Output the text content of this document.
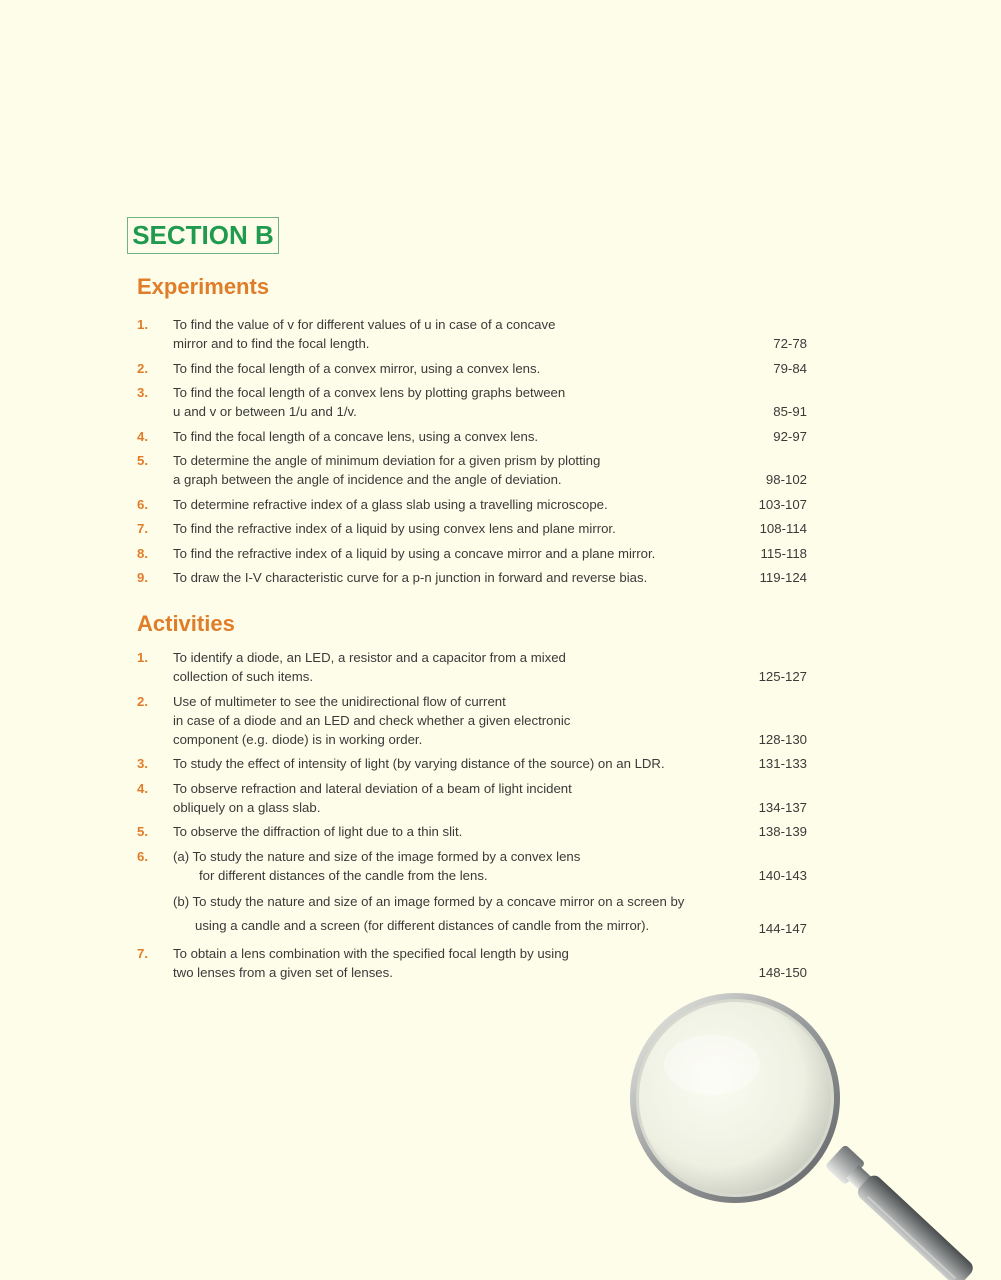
SECTION B
Experiments
1.	To find the value of v for different values of u in case of a concave
mirror and to find the focal length.	72-78
2.	To find the focal length of a convex mirror, using a convex lens.	79-84
3.	To find the focal length of a convex lens by plotting graphs between
u and v or between 1/u and 1/v.	85-91
4.	To find the focal length of a concave lens, using a convex lens.	92-97
5.	To determine the angle of minimum deviation for a given prism by plotting
a graph between the angle of incidence and the angle of deviation.	98-102
6.	To determine refractive index of a glass slab using a travelling microscope.	103-107
7.	To find the refractive index of a liquid by using convex lens and plane mirror.	108-114
8.	To find the refractive index of a liquid by using a concave mirror and a plane mirror.	115-118
9.	To draw the I-V characteristic curve for a p-n junction in forward and reverse bias.	119-124
Activities
1.	To identify a diode, an LED, a resistor and a capacitor from a mixed
collection of such items.	125-127
2.	Use of multimeter to see the unidirectional flow of current
in case of a diode and an LED and check whether a given electronic
component (e.g. diode) is in working order.	128-130
3.	To study the effect of intensity of light (by varying distance of the source) on an LDR.	131-133
4.	To observe refraction and lateral deviation of a beam of light incident
obliquely on a glass slab.	134-137
5.	To observe the diffraction of light due to a thin slit.	138-139
6.	(a) To study the nature and size of the image formed by a convex lens
for different distances of the candle from the lens.	140-143
(b) To study the nature and size of an image formed by a concave mirror on a screen by
using a candle and a screen (for different distances of candle from the mirror).	144-147
7.	To obtain a lens combination with the specified focal length by using
two lenses from a given set of lenses.	148-150
